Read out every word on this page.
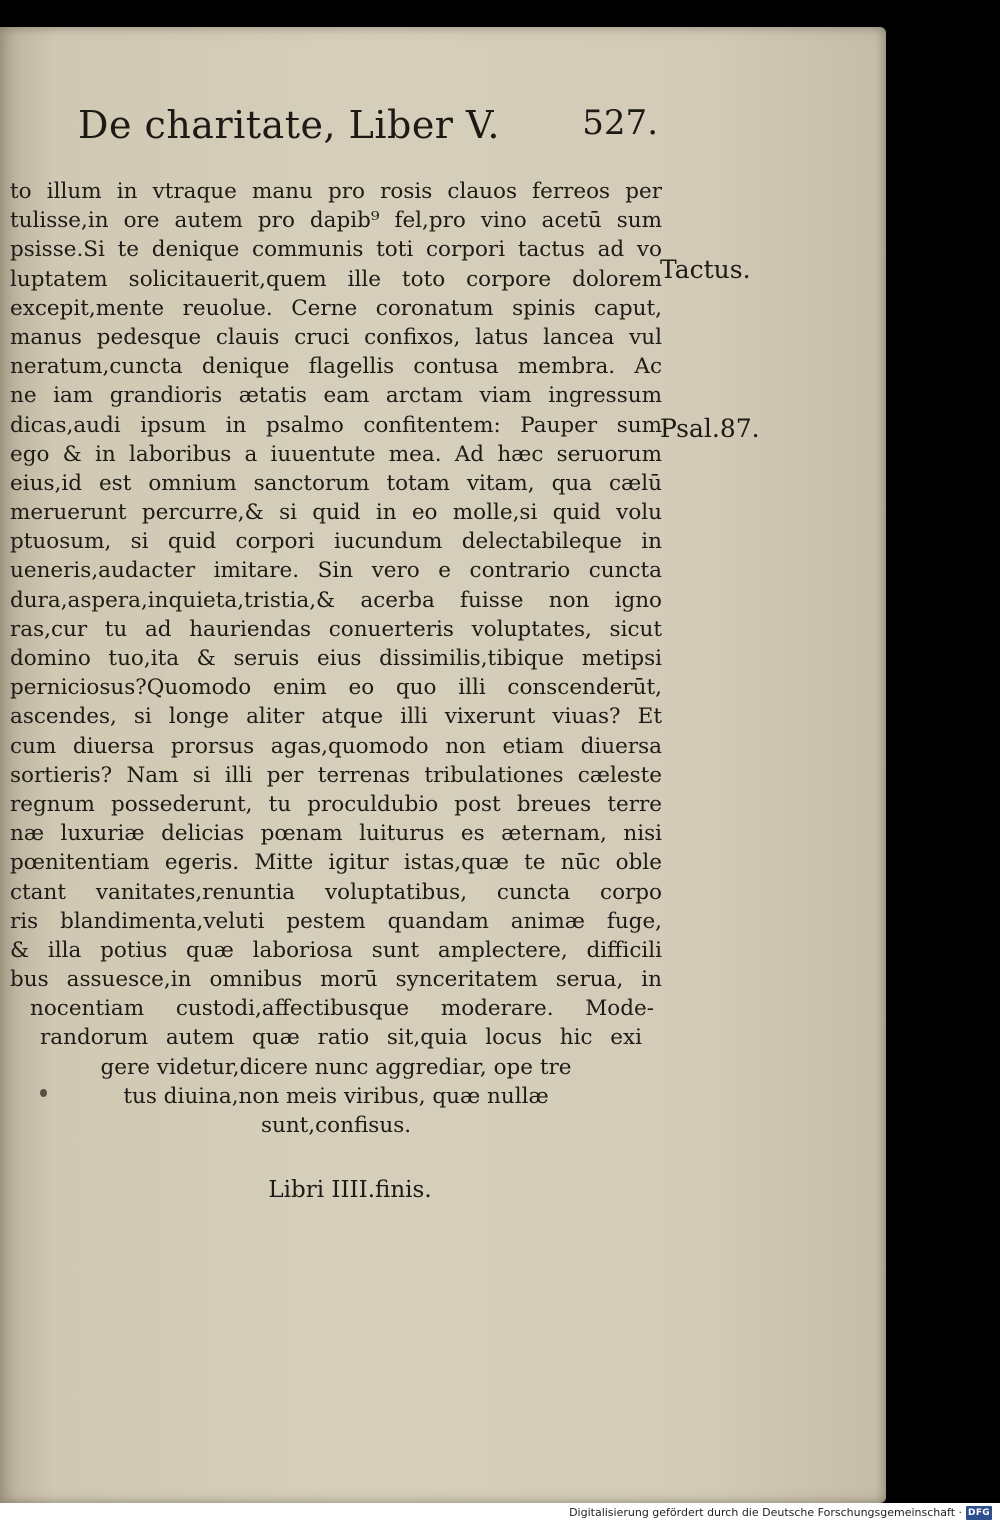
De charitate, Liber V. 527.
to illum in vtraque manu pro rosis clauos ferreos per
tulisse,in ore autem pro dapib⁹ fel,pro vino acetū sum
psisse.Si te denique communis toti corpori tactus ad vo
luptatem solicitauerit,quem ille toto corpore dolorem
excepit,mente reuolue. Cerne coronatum spinis caput,
manus pedesque clauis cruci confixos, latus lancea vul
neratum,cuncta denique flagellis contusa membra. Ac
ne iam grandioris ætatis eam arctam viam ingressum
dicas,audi ipsum in psalmo confitentem: Pauper sum
ego & in laboribus a iuuentute mea. Ad hæc seruorum
eius,id est omnium sanctorum totam vitam, qua cælū
meruerunt percurre,& si quid in eo molle,si quid volu
ptuosum, si quid corpori iucundum delectabileque in
ueneris,audacter imitare. Sin vero e contrario cuncta
dura,aspera,inquieta,tristia,& acerba fuisse non igno
ras,cur tu ad hauriendas conuerteris voluptates, sicut
domino tuo,ita & seruis eius dissimilis,tibique metipsi
perniciosus?Quomodo enim eo quo illi conscenderūt,
ascendes, si longe aliter atque illi vixerunt viuas? Et
cum diuersa prorsus agas,quomodo non etiam diuersa
sortieris? Nam si illi per terrenas tribulationes cæleste
regnum possederunt, tu proculdubio post breues terre
næ luxuriæ delicias pœnam luiturus es æternam, nisi
pœnitentiam egeris. Mitte igitur istas,quæ te nūc oble
ctant vanitates,renuntia voluptatibus, cuncta corpo
ris blandimenta,veluti pestem quandam animæ fuge,
& illa potius quæ laboriosa sunt amplectere, difficili
bus assuesce,in omnibus morū synceritatem serua, in
nocentiam custodi,affectibusque moderare. Mode-
randorum autem quæ ratio sit,quia locus hic exi
gere videtur,dicere nunc aggrediar, ope tre
tus diuina,non meis viribus, quæ nullæ
sunt,confisus.
Tactus.
Psal.87.
Libri IIII.finis.
Digitalisierung gefördert durch die Deutsche Forschungsgemeinschaft · DFG
